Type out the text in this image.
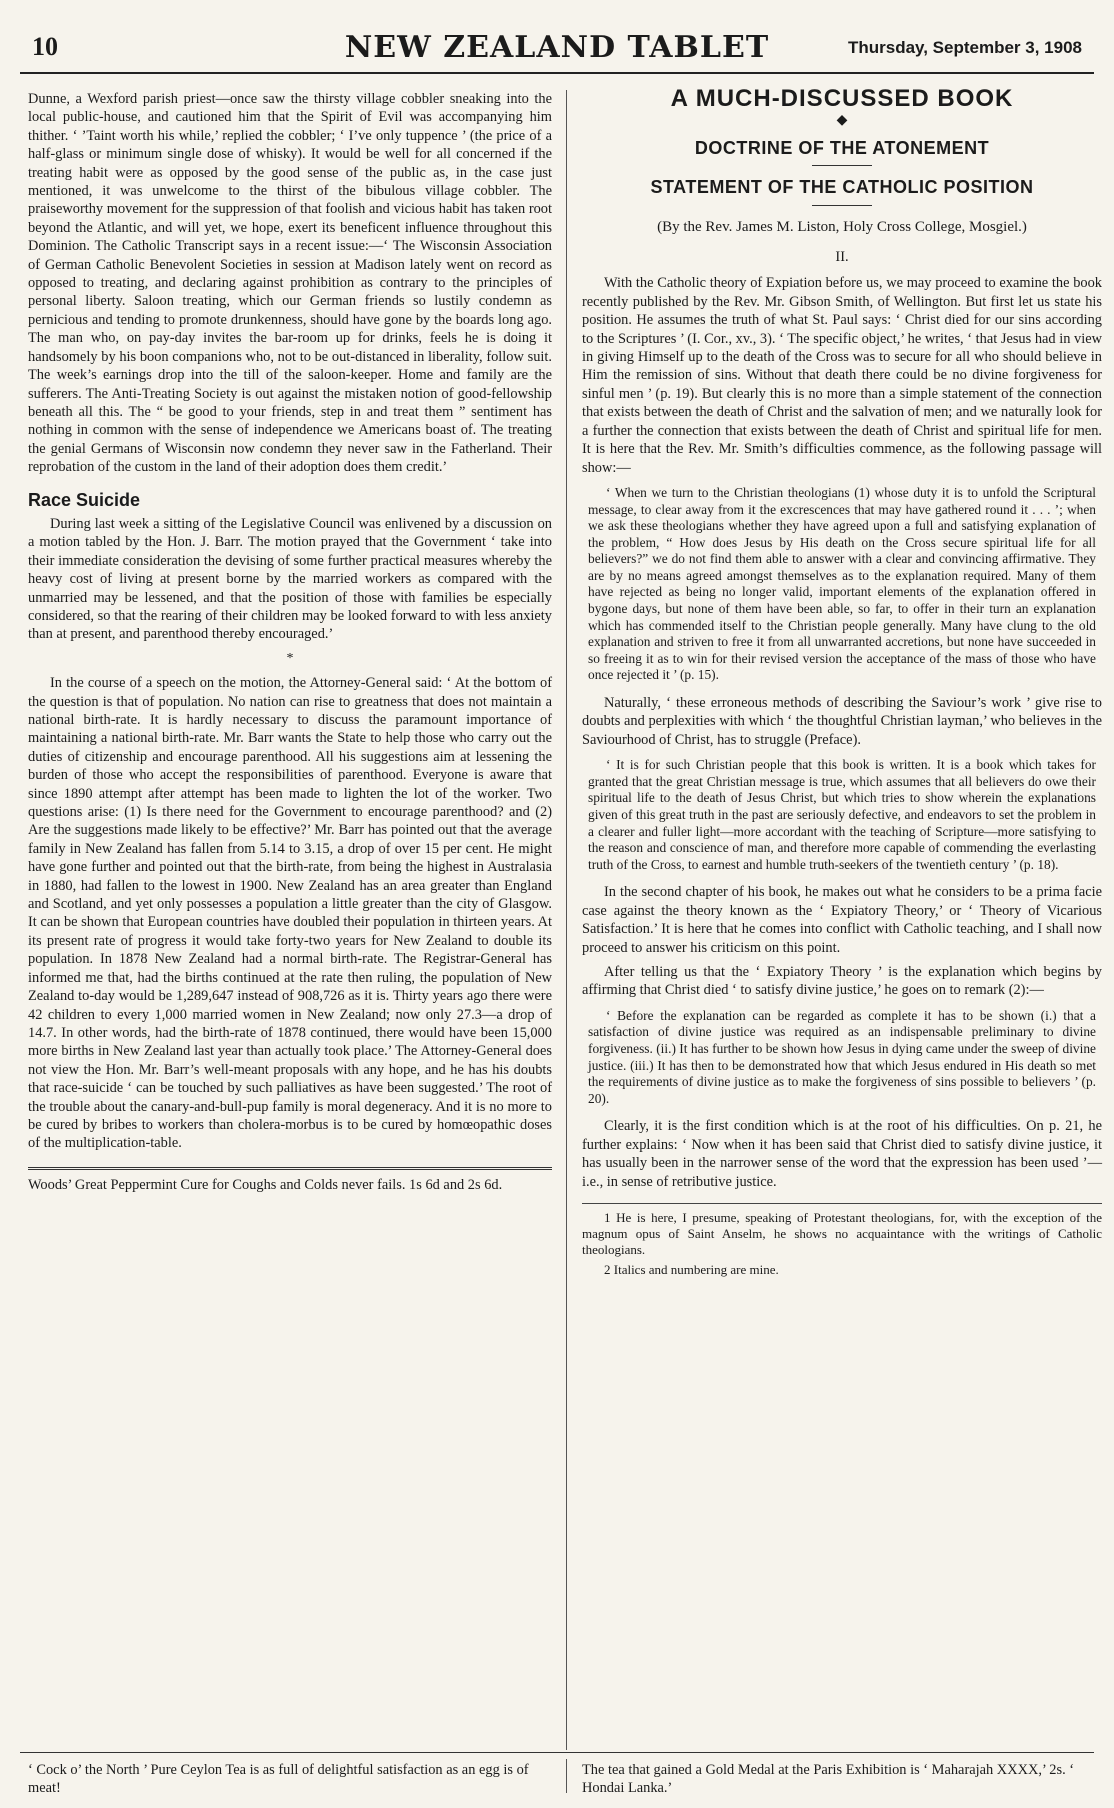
10	NEW ZEALAND TABLET	Thursday, September 3, 1908

Dunne, a Wexford parish priest—once saw the thirsty village cobbler sneaking into the local public-house, and cautioned him that the Spirit of Evil was accompanying him thither. ‘ ’Taint worth his while,’ replied the cobbler; ‘ I’ve only tuppence ’ (the price of a half-glass or minimum single dose of whisky). It would be well for all concerned if the treating habit were as opposed by the good sense of the public as, in the case just mentioned, it was unwelcome to the thirst of the bibulous village cobbler. The praiseworthy movement for the suppression of that foolish and vicious habit has taken root beyond the Atlantic, and will yet, we hope, exert its beneficent influence throughout this Dominion. The Catholic Transcript says in a recent issue:—‘ The Wisconsin Association of German Catholic Benevolent Societies in session at Madison lately went on record as opposed to treating, and declaring against prohibition as contrary to the principles of personal liberty. Saloon treating, which our German friends so lustily condemn as pernicious and tending to promote drunkenness, should have gone by the boards long ago. The man who, on pay-day invites the bar-room up for drinks, feels he is doing it handsomely by his boon companions who, not to be out-distanced in liberality, follow suit. The week’s earnings drop into the till of the saloon-keeper. Home and family are the sufferers. The Anti-Treating Society is out against the mistaken notion of good-fellowship beneath all this. The “ be good to your friends, step in and treat them ” sentiment has nothing in common with the sense of independence we Americans boast of. The treating the genial Germans of Wisconsin now condemn they never saw in the Fatherland. Their reprobation of the custom in the land of their adoption does them credit.’

Race Suicide

During last week a sitting of the Legislative Council was enlivened by a discussion on a motion tabled by the Hon. J. Barr. The motion prayed that the Government ‘ take into their immediate consideration the devising of some further practical measures whereby the heavy cost of living at present borne by the married workers as compared with the unmarried may be lessened, and that the position of those with families be especially considered, so that the rearing of their children may be looked forward to with less anxiety than at present, and parenthood thereby encouraged.’

*

In the course of a speech on the motion, the Attorney-General said: ‘ At the bottom of the question is that of population. No nation can rise to greatness that does not maintain a national birth-rate. It is hardly necessary to discuss the paramount importance of maintaining a national birth-rate. Mr. Barr wants the State to help those who carry out the duties of citizenship and encourage parenthood. All his suggestions aim at lessening the burden of those who accept the responsibilities of parenthood. Everyone is aware that since 1890 attempt after attempt has been made to lighten the lot of the worker. Two questions arise: (1) Is there need for the Government to encourage parenthood? and (2) Are the suggestions made likely to be effective?’ Mr. Barr has pointed out that the average family in New Zealand has fallen from 5.14 to 3.15, a drop of over 15 per cent. He might have gone further and pointed out that the birth-rate, from being the highest in Australasia in 1880, had fallen to the lowest in 1900. New Zealand has an area greater than England and Scotland, and yet only possesses a population a little greater than the city of Glasgow. It can be shown that European countries have doubled their population in thirteen years. At its present rate of progress it would take forty-two years for New Zealand to double its population. In 1878 New Zealand had a normal birth-rate. The Registrar-General has informed me that, had the births continued at the rate then ruling, the population of New Zealand to-day would be 1,289,647 instead of 908,726 as it is. Thirty years ago there were 42 children to every 1,000 married women in New Zealand; now only 27.3—a drop of 14.7. In other words, had the birth-rate of 1878 continued, there would have been 15,000 more births in New Zealand last year than actually took place.’ The Attorney-General does not view the Hon. Mr. Barr’s well-meant proposals with any hope, and he has his doubts that race-suicide ‘ can be touched by such palliatives as have been suggested.’ The root of the trouble about the canary-and-bull-pup family is moral degeneracy. And it is no more to be cured by bribes to workers than cholera-morbus is to be cured by homœopathic doses of the multiplication-table.

Woods’ Great Peppermint Cure for Coughs and Colds never fails. 1s 6d and 2s 6d.

A MUCH-DISCUSSED BOOK
◆
DOCTRINE OF THE ATONEMENT
STATEMENT OF THE CATHOLIC POSITION

(By the Rev. James M. Liston, Holy Cross College, Mosgiel.)

II.

With the Catholic theory of Expiation before us, we may proceed to examine the book recently published by the Rev. Mr. Gibson Smith, of Wellington. But first let us state his position. He assumes the truth of what St. Paul says: ‘ Christ died for our sins according to the Scriptures ’ (I. Cor., xv., 3). ‘ The specific object,’ he writes, ‘ that Jesus had in view in giving Himself up to the death of the Cross was to secure for all who should believe in Him the remission of sins. Without that death there could be no divine forgiveness for sinful men ’ (p. 19). But clearly this is no more than a simple statement of the connection that exists between the death of Christ and the salvation of men; and we naturally look for a further the connection that exists between the death of Christ and spiritual life for men. It is here that the Rev. Mr. Smith’s difficulties commence, as the following passage will show:—

‘ When we turn to the Christian theologians (1) whose duty it is to unfold the Scriptural message, to clear away from it the excrescences that may have gathered round it . . . ’; when we ask these theologians whether they have agreed upon a full and satisfying explanation of the problem, “ How does Jesus by His death on the Cross secure spiritual life for all believers?” we do not find them able to answer with a clear and convincing affirmative. They are by no means agreed amongst themselves as to the explanation required. Many of them have rejected as being no longer valid, important elements of the explanation offered in bygone days, but none of them have been able, so far, to offer in their turn an explanation which has commended itself to the Christian people generally. Many have clung to the old explanation and striven to free it from all unwarranted accretions, but none have succeeded in so freeing it as to win for their revised version the acceptance of the mass of those who have once rejected it ’ (p. 15).

Naturally, ‘ these erroneous methods of describing the Saviour’s work ’ give rise to doubts and perplexities with which ‘ the thoughtful Christian layman,’ who believes in the Saviourhood of Christ, has to struggle (Preface).

‘ It is for such Christian people that this book is written. It is a book which takes for granted that the great Christian message is true, which assumes that all believers do owe their spiritual life to the death of Jesus Christ, but which tries to show wherein the explanations given of this great truth in the past are seriously defective, and endeavors to set the problem in a clearer and fuller light—more accordant with the teaching of Scripture—more satisfying to the reason and conscience of man, and therefore more capable of commending the everlasting truth of the Cross, to earnest and humble truth-seekers of the twentieth century ’ (p. 18).

In the second chapter of his book, he makes out what he considers to be a prima facie case against the theory known as the ‘ Expiatory Theory,’ or ‘ Theory of Vicarious Satisfaction.’ It is here that he comes into conflict with Catholic teaching, and I shall now proceed to answer his criticism on this point.

After telling us that the ‘ Expiatory Theory ’ is the explanation which begins by affirming that Christ died ‘ to satisfy divine justice,’ he goes on to remark (2):—

‘ Before the explanation can be regarded as complete it has to be shown (i.) that a satisfaction of divine justice was required as an indispensable preliminary to divine forgiveness. (ii.) It has further to be shown how Jesus in dying came under the sweep of divine justice. (iii.) It has then to be demonstrated how that which Jesus endured in His death so met the requirements of divine justice as to make the forgiveness of sins possible to believers ’ (p. 20).

Clearly, it is the first condition which is at the root of his difficulties. On p. 21, he further explains: ‘ Now when it has been said that Christ died to satisfy divine justice, it has usually been in the narrower sense of the word that the expression has been used ’—i.e., in sense of retributive justice.

1 He is here, I presume, speaking of Protestant theologians, for, with the exception of the magnum opus of Saint Anselm, he shows no acquaintance with the writings of Catholic theologians.

2 Italics and numbering are mine.

‘ Cock o’ the North ’ Pure Ceylon Tea is as full of delightful satisfaction as an egg is of meat!
The tea that gained a Gold Medal at the Paris Exhibition is ‘ Maharajah XXXX,’ 2s. ‘ Hondai Lanka.’
